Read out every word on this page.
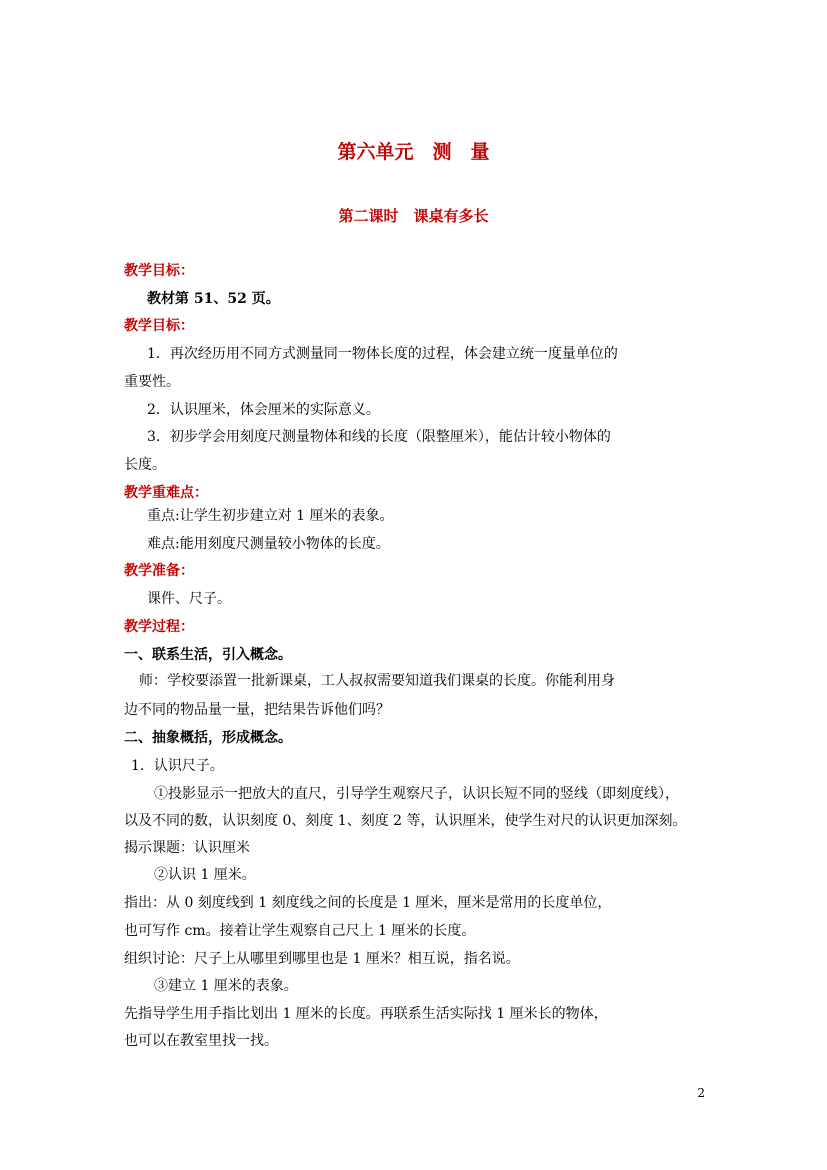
第六单元　测　量
第二课时　课桌有多长
教学目标：
教材第 51、52 页。
教学目标：
1．再次经历用不同方式测量同一物体长度的过程，体会建立统一度量单位的
重要性。
2．认识厘米，体会厘米的实际意义。
3．初步学会用刻度尺测量物体和线的长度（限整厘米），能估计较小物体的
长度。
教学重难点：
重点:让学生初步建立对 1 厘米的表象。
难点:能用刻度尺测量较小物体的长度。
教学准备：
课件、尺子。
教学过程：
一、联系生活，引入概念。
师：学校要添置一批新课桌，工人叔叔需要知道我们课桌的长度。你能利用身
边不同的物品量一量，把结果告诉他们吗？
二、抽象概括，形成概念。
1．认识尺子。
①投影显示一把放大的直尺，引导学生观察尺子，认识长短不同的竖线（即刻度线），
以及不同的数，认识刻度 0、刻度 1、刻度 2 等，认识厘米，使学生对尺的认识更加深刻。
揭示课题：认识厘米
②认识 1 厘米。
指出：从 0 刻度线到 1 刻度线之间的长度是 1 厘米，厘米是常用的长度单位，
也可写作 cm。接着让学生观察自己尺上 1 厘米的长度。
组织讨论：尺子上从哪里到哪里也是 1 厘米？相互说，指名说。
③建立 1 厘米的表象。
先指导学生用手指比划出 1 厘米的长度。再联系生活实际找 1 厘米长的物体，
也可以在教室里找一找。
2
